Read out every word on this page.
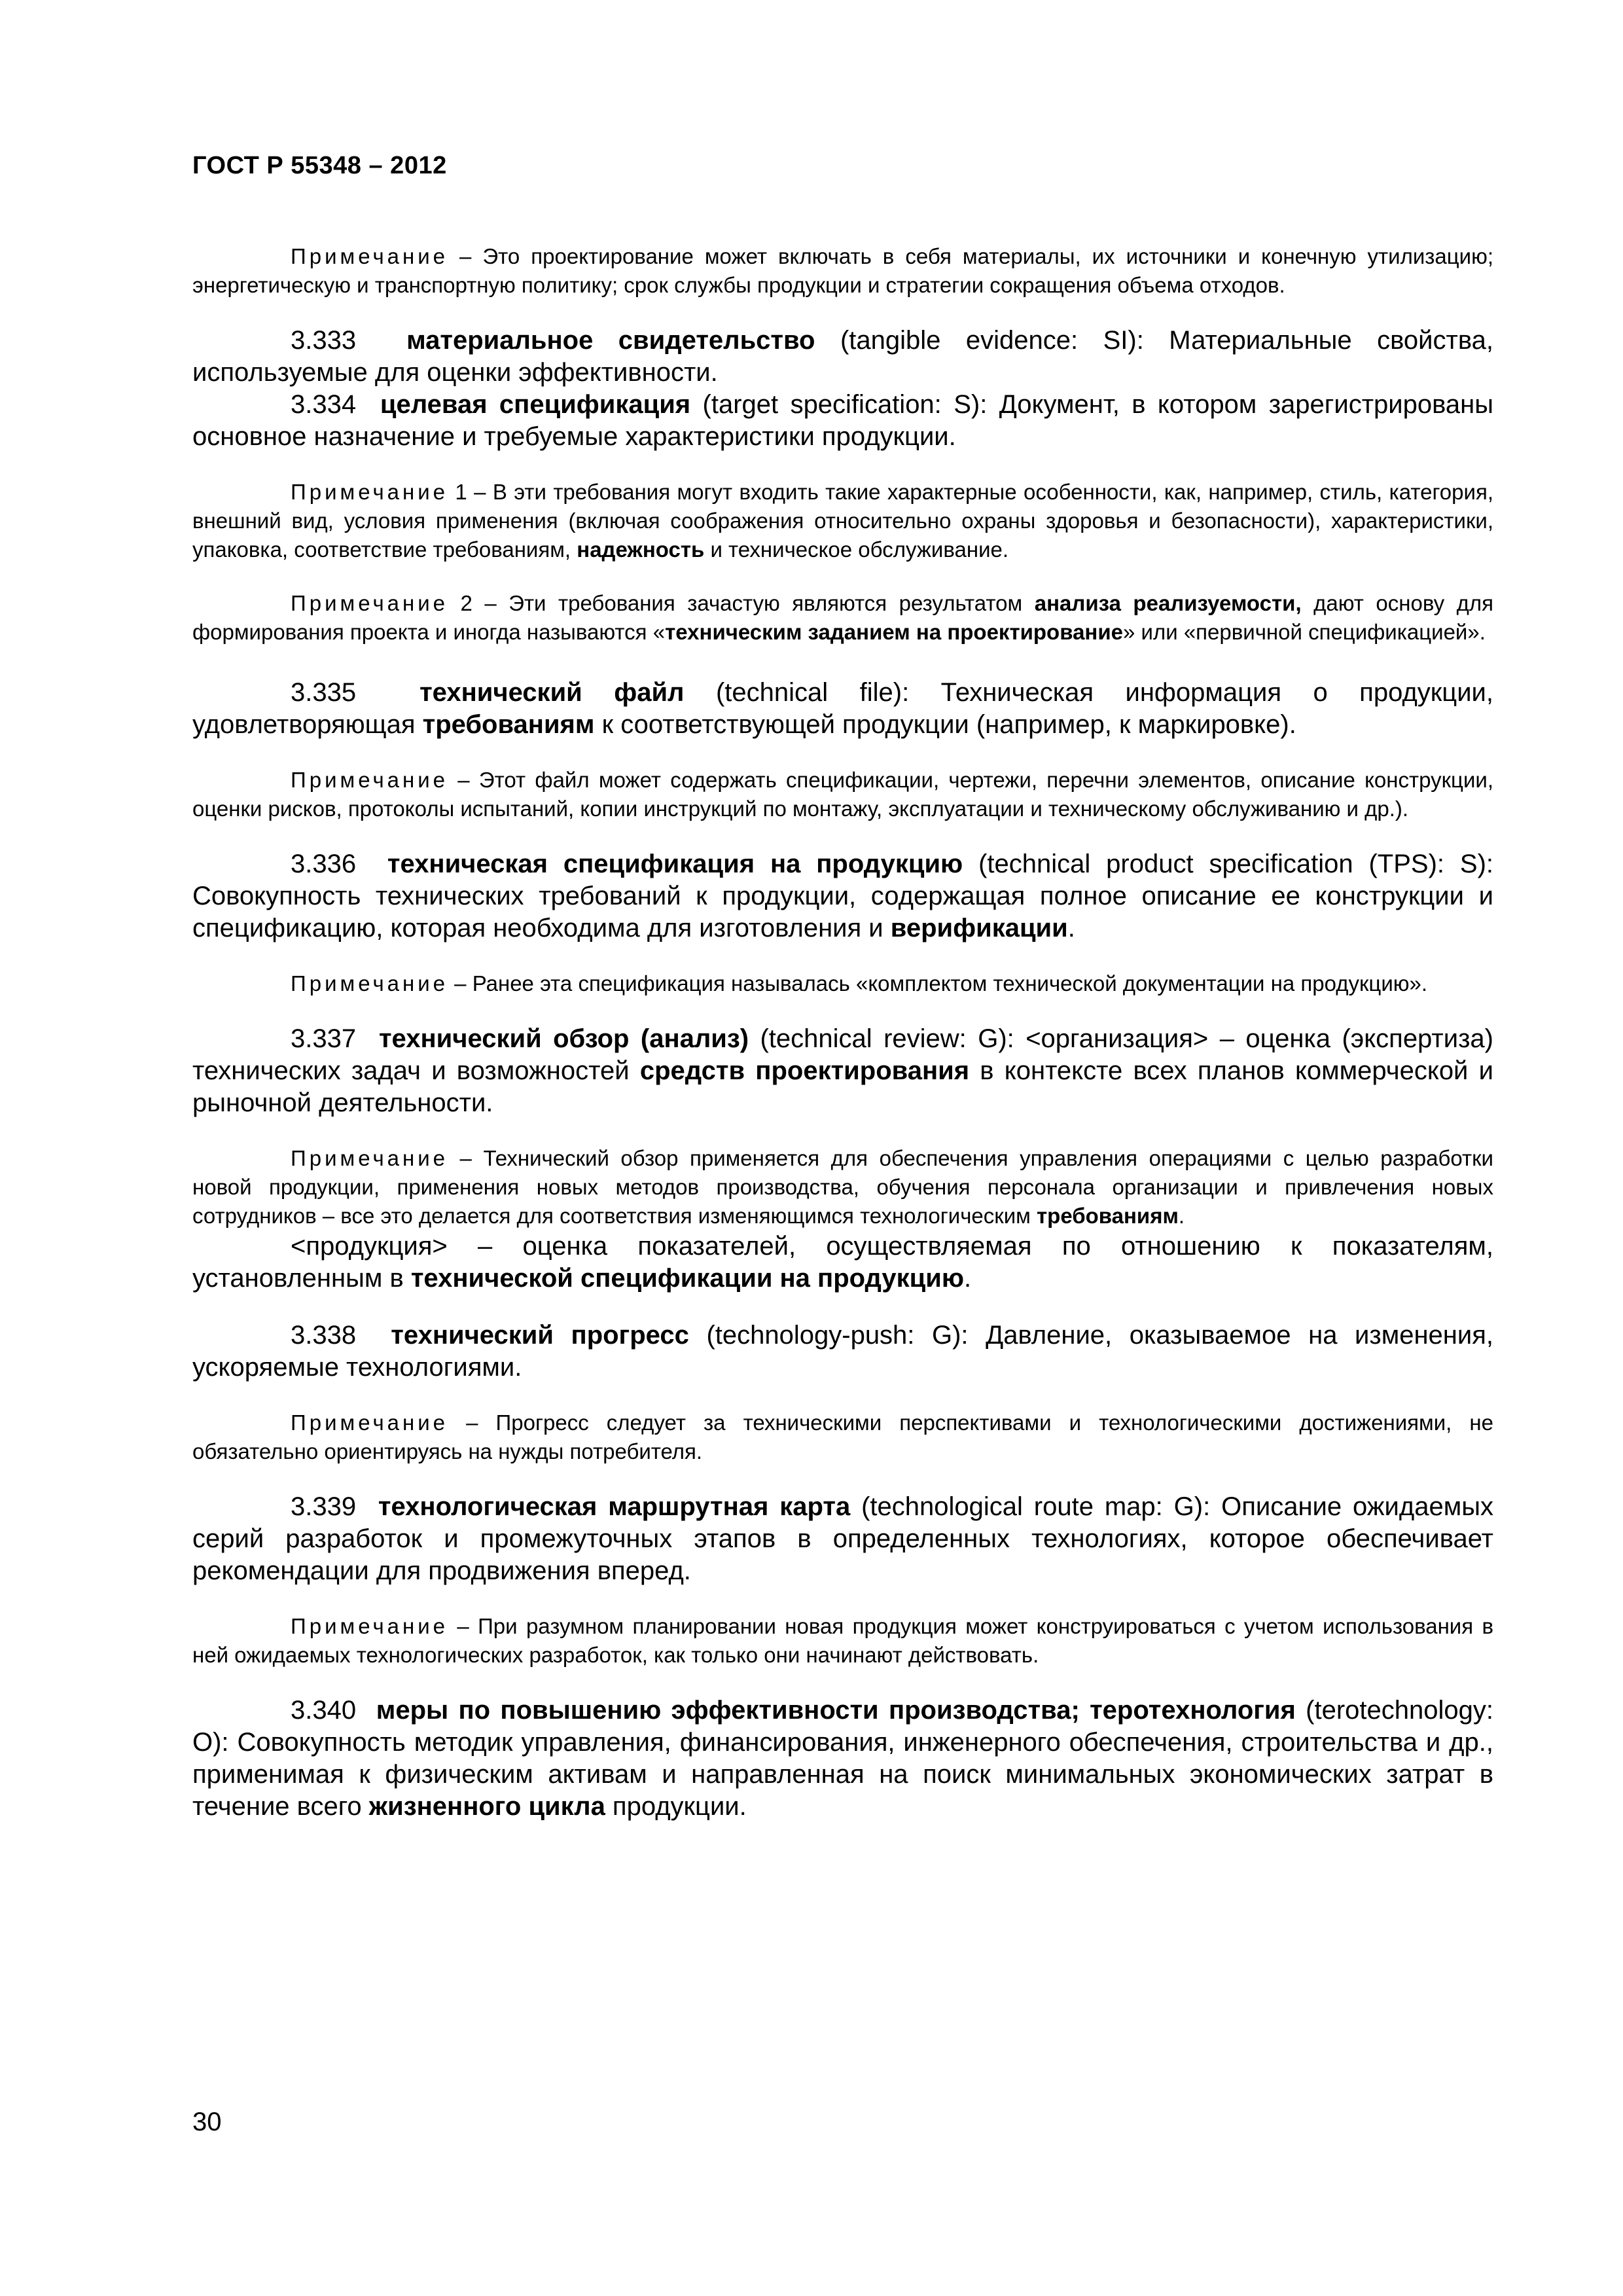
ГОСТ Р 55348 – 2012

Примечание – Это проектирование может включать в себя материалы, их источники и конечную утилизацию; энергетическую и транспортную политику; срок службы продукции и стратегии сокращения объема отходов.

3.333 материальное свидетельство (tangible evidence: SI): Материальные свойства, используемые для оценки эффективности.

3.334 целевая спецификация (target specification: S): Документ, в котором зарегистрированы основное назначение и требуемые характеристики продукции.

Примечание 1 – В эти требования могут входить такие характерные особенности, как, например, стиль, категория, внешний вид, условия применения (включая соображения относительно охраны здоровья и безопасности), характеристики, упаковка, соответствие требованиям, надежность и техническое обслуживание.

Примечание 2 – Эти требования зачастую являются результатом анализа реализуемости, дают основу для формирования проекта и иногда называются «техническим заданием на проектирование» или «первичной спецификацией».

3.335 технический файл (technical file): Техническая информация о продукции, удовлетворяющая требованиям к соответствующей продукции (например, к маркировке).

Примечание – Этот файл может содержать спецификации, чертежи, перечни элементов, описание конструкции, оценки рисков, протоколы испытаний, копии инструкций по монтажу, эксплуатации и техническому обслуживанию и др.).

3.336 техническая спецификация на продукцию (technical product specification (TPS): S): Совокупность технических требований к продукции, содержащая полное описание ее конструкции и спецификацию, которая необходима для изготовления и верификации.

Примечание – Ранее эта спецификация называлась «комплектом технической документации на продукцию».

3.337 технический обзор (анализ) (technical review: G): <организация> – оценка (экспертиза) технических задач и возможностей средств проектирования в контексте всех планов коммерческой и рыночной деятельности.

Примечание – Технический обзор применяется для обеспечения управления операциями с целью разработки новой продукции, применения новых методов производства, обучения персонала организации и привлечения новых сотрудников – все это делается для соответствия изменяющимся технологическим требованиям.

<продукция> – оценка показателей, осуществляемая по отношению к показателям, установленным в технической спецификации на продукцию.

3.338 технический прогресс (technology-push: G): Давление, оказываемое на изменения, ускоряемые технологиями.

Примечание – Прогресс следует за техническими перспективами и технологическими достижениями, не обязательно ориентируясь на нужды потребителя.

3.339 технологическая маршрутная карта (technological route map: G): Описание ожидаемых серий разработок и промежуточных этапов в определенных технологиях, которое обеспечивает рекомендации для продвижения вперед.

Примечание – При разумном планировании новая продукция может конструироваться с учетом использования в ней ожидаемых технологических разработок, как только они начинают действовать.

3.340 меры по повышению эффективности производства; теротехнология (terotechnology: O): Совокупность методик управления, финансирования, инженерного обеспечения, строительства и др., применимая к физическим активам и направленная на поиск минимальных экономических затрат в течение всего жизненного цикла продукции.

30
